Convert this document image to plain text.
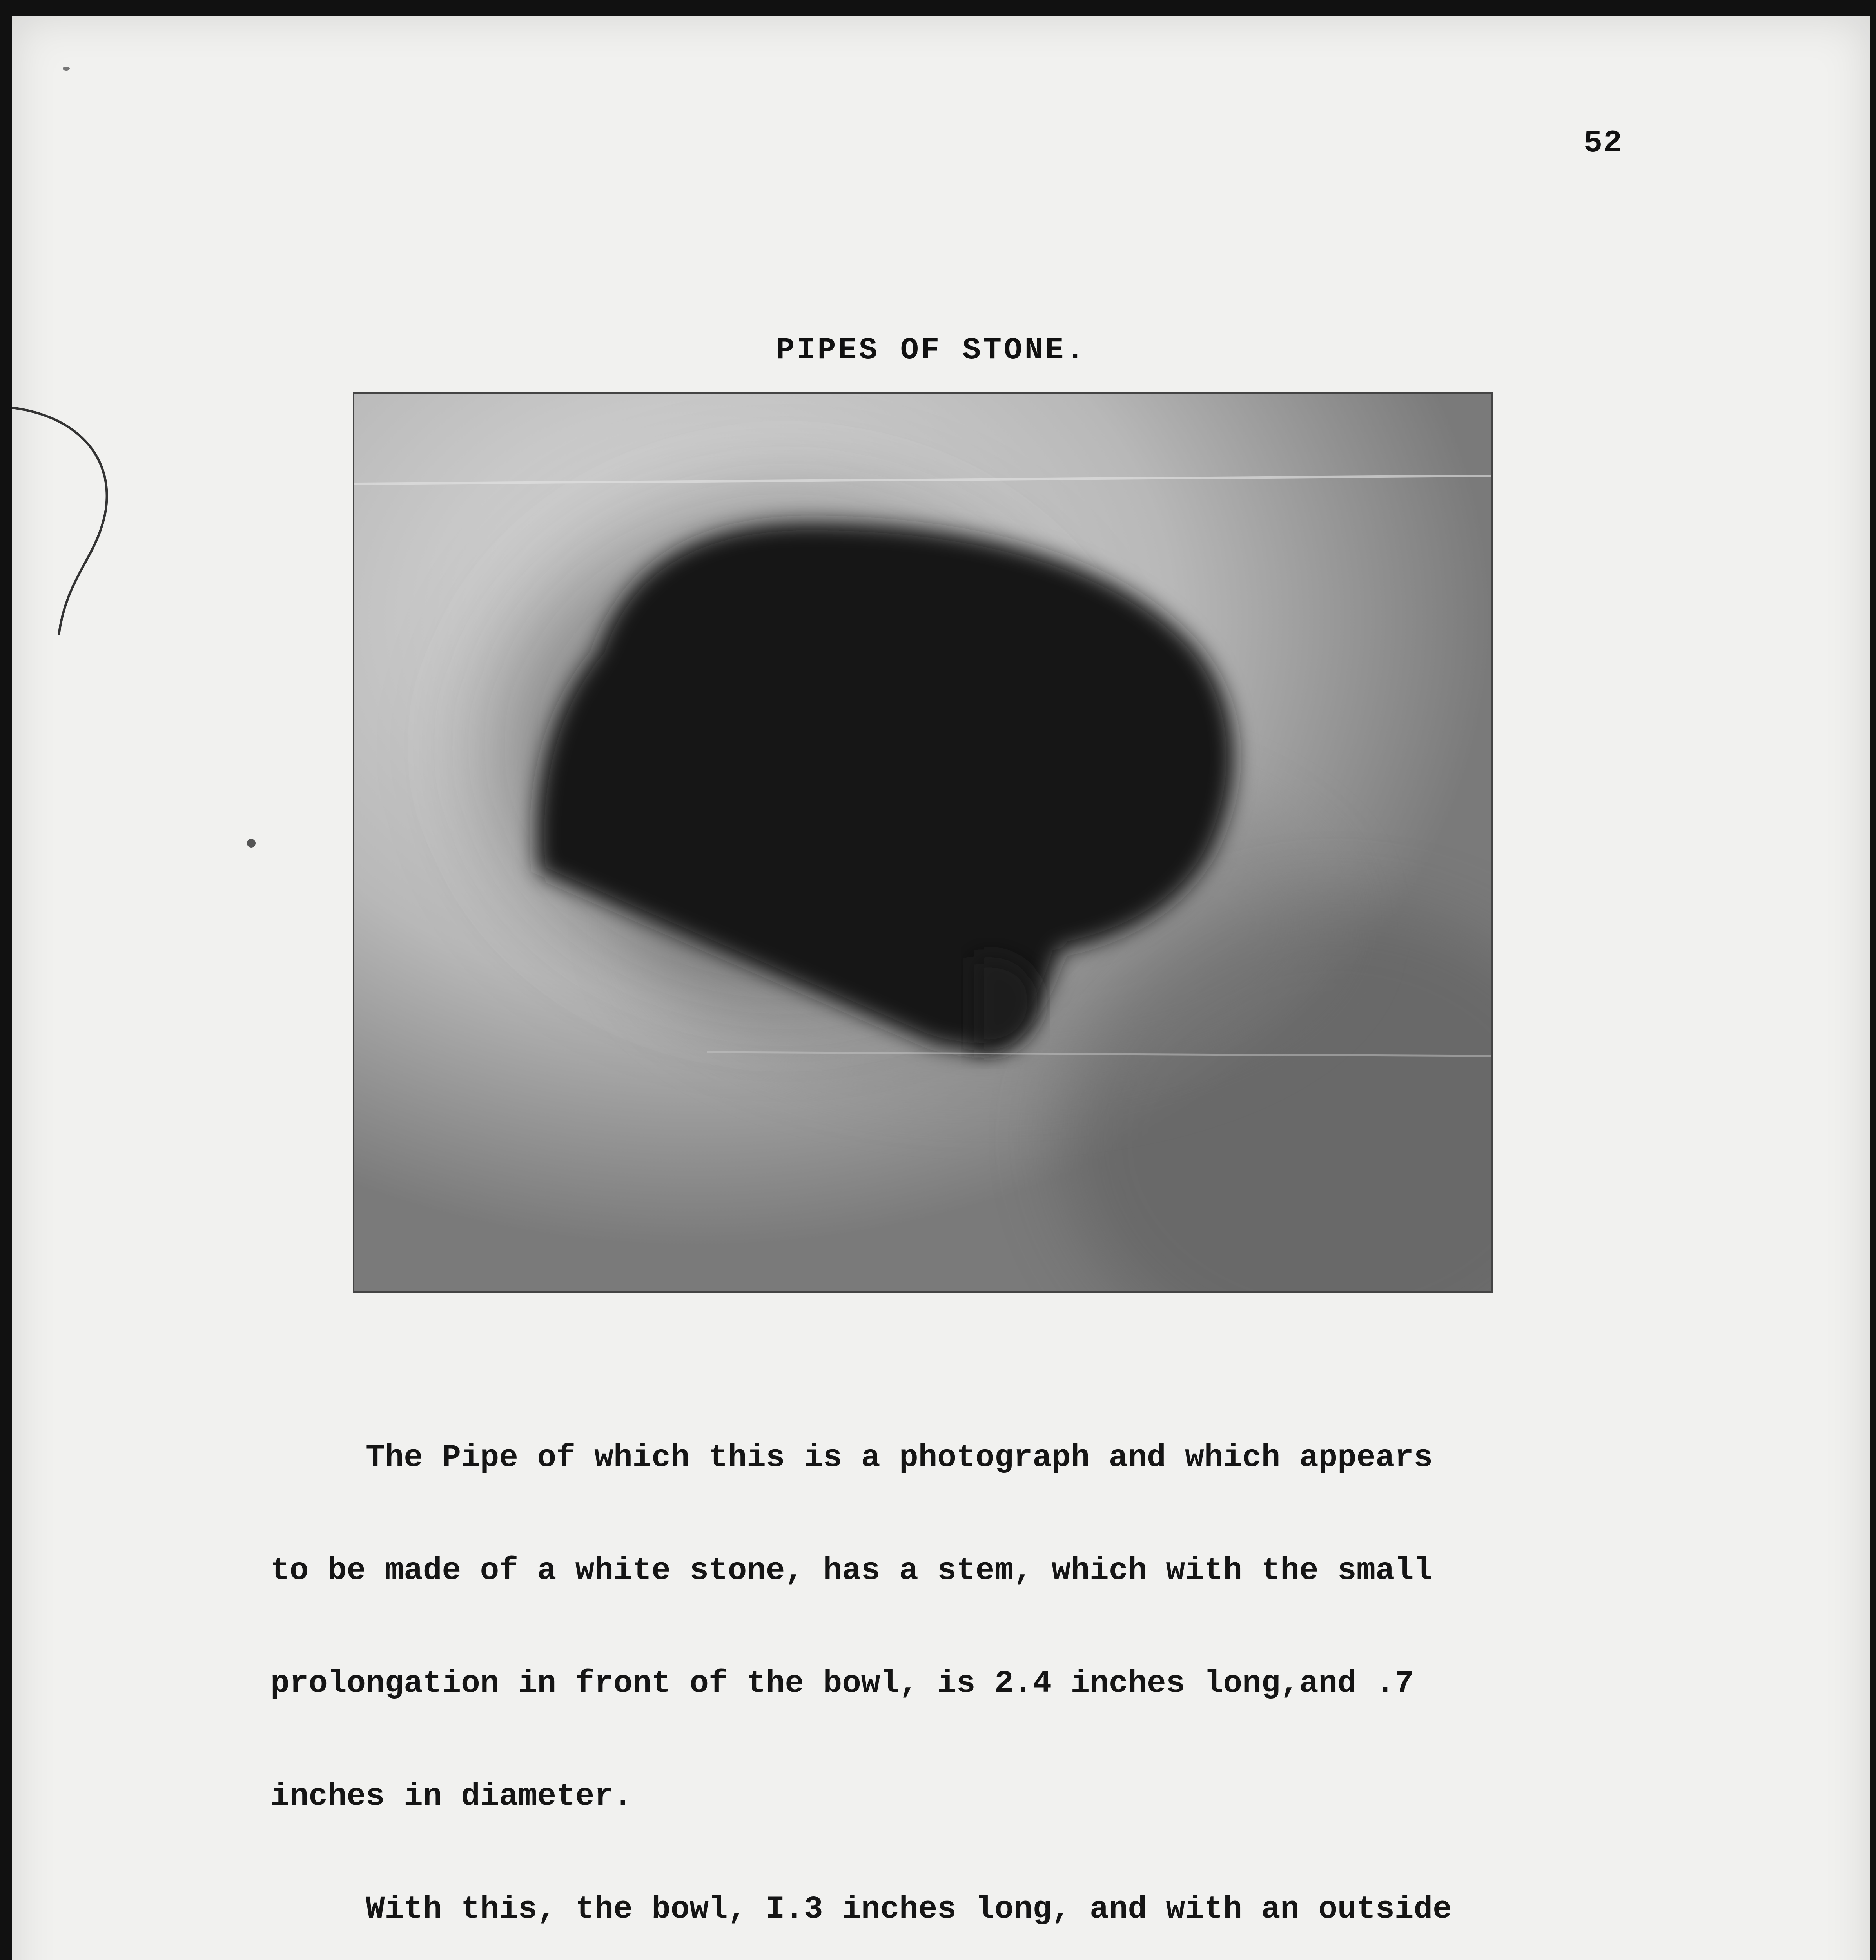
52
PIPES OF STONE.

The Pipe of which this is a photograph and which appears

to be made of a white stone, has a stem, which with the small

prolongation in front of the bowl, is 2.4 inches long,and .7

inches in diameter.

With this, the bowl, I.3 inches long, and with an outside
